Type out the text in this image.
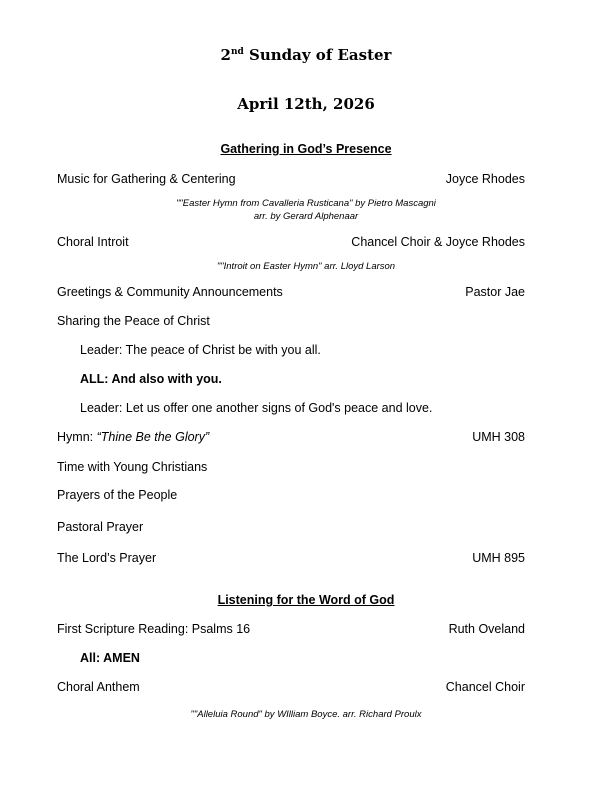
2nd Sunday of Easter
April 12th, 2026
Gathering in God’s Presence
Music for Gathering & Centering	Joyce Rhodes
""Easter Hymn from Cavalleria Rusticana" by Pietro Mascagni
arr. by Gerard Alphenaar
Choral Introit	Chancel Choir & Joyce Rhodes
""Introit on Easter Hymn" arr. Lloyd Larson
Greetings & Community Announcements	Pastor Jae
Sharing the Peace of Christ
Leader: The peace of Christ be with you all.
ALL: And also with you.
Leader: Let us offer one another signs of God's peace and love.
Hymn: “Thine Be the Glory”	UMH 308
Time with Young Christians
Prayers of the People
Pastoral Prayer
The Lord’s Prayer	UMH 895
Listening for the Word of God
First Scripture Reading: Psalms 16	Ruth Oveland
All: AMEN
Choral Anthem	Chancel Choir
""Alleluia Round" by WIlliam Boyce. arr. Richard Proulx
